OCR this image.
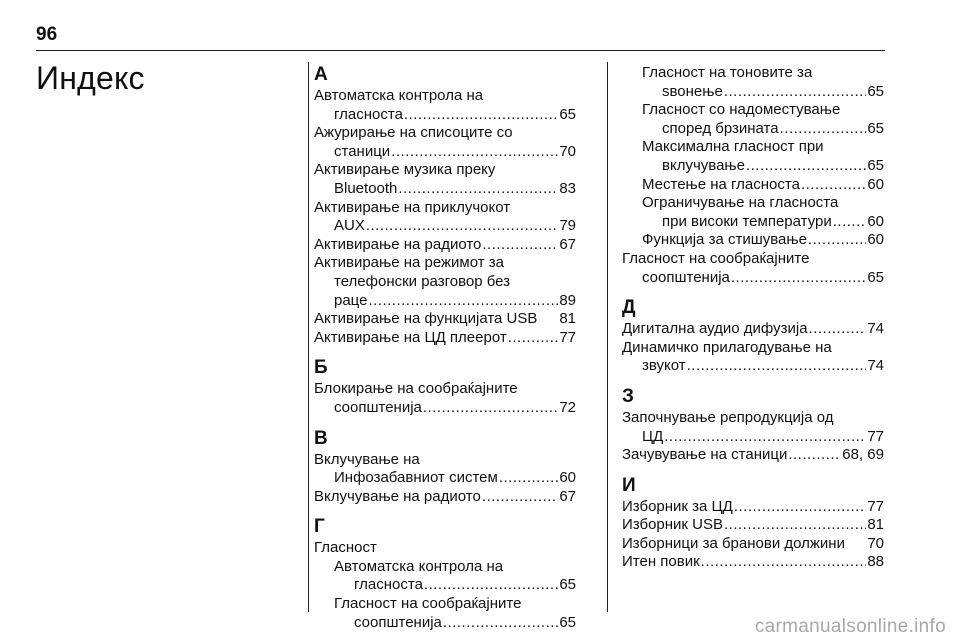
96
Индекс	А
Автоматска контрола на
гласноста .....	65
Ажурирање на списоците со
станици .....	70
Активирање музика преку
Bluetooth .....	83
Активирање на приклучокот
AUX .....	79
Активирање на радиото .....	67
Активирање на режимот за
телефонски разговор без
раце .....	89
Активирање на функцијата USB 81
Активирање на ЦД плеерот .....	77
Б
Блокирање на сообраќајните
соопштенија .....	72
В
Вклучување на
Инфозабавниот систем .....	60
Вклучување на радиото .....	67
Г
Гласност
Автоматска контрола на
гласноста .....	65
Гласност на сообраќајните
соопштенија .....	65
Гласност на тоновите за
ѕвонење .....	65
Гласност со надоместување
според брзината .....	65
Максимална гласност при
вклучување .....	65
Местење на гласноста .....	60
Ограничување на гласноста
при високи температури ..... 60
Функција за стишување .....	60
Гласност на сообраќајните
соопштенија .....	65
Д
Дигитална аудио дифузија .....	74
Динамичко прилагодување на
звукот .....	74
З
Започнување репродукција од
ЦД .....	77
Зачувување на станици .....	68, 69
И
Изборник за ЦД .....	77
Изборник USB .....	81
Изборници за бранови должини 70
Итен повик .....	88
carmanualsonline.info
